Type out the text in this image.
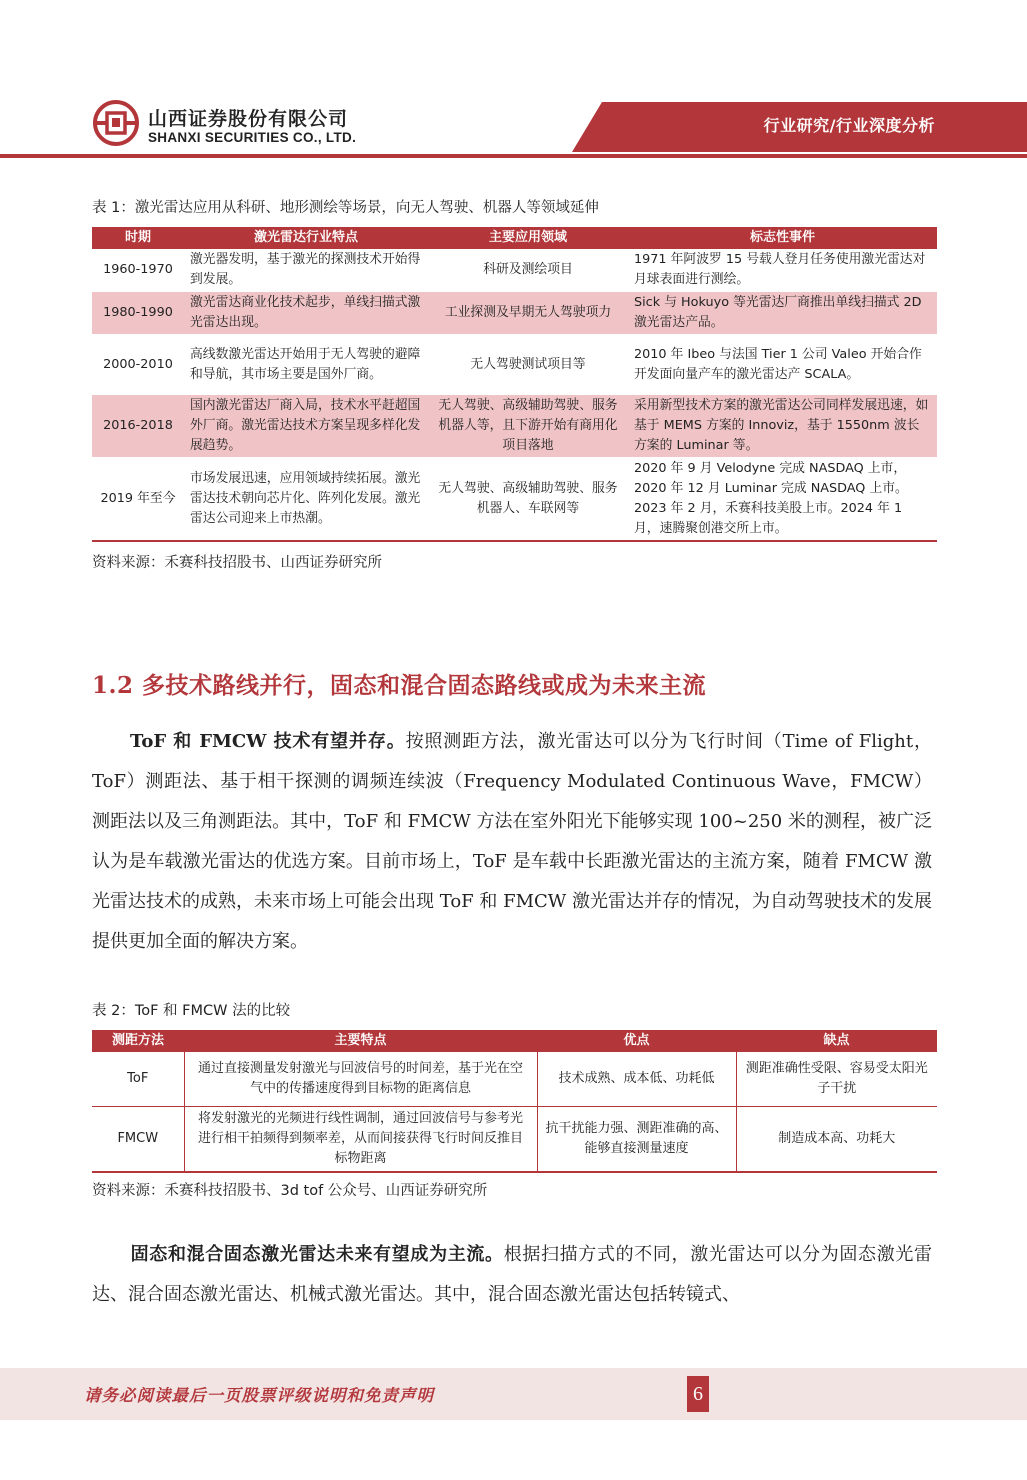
山西证券股份有限公司
SHANXI SECURITIES CO., LTD.
行业研究/行业深度分析
表 1：激光雷达应用从科研、地形测绘等场景，向无人驾驶、机器人等领域延伸
时期	激光雷达行业特点	主要应用领域	标志性事件
1960-1970	激光器发明，基于激光的探测技术开始得到发展。	科研及测绘项目	1971 年阿波罗 15 号载人登月任务使用激光雷达对月球表面进行测绘。
1980-1990	激光雷达商业化技术起步，单线扫描式激光雷达出现。	工业探测及早期无人驾驶项力	Sick 与 Hokuyo 等光雷达厂商推出单线扫描式 2D 激光雷达产品。
2000-2010	高线数激光雷达开始用于无人驾驶的避障和导航，其市场主要是国外厂商。	无人驾驶测试项目等	2010 年 Ibeo 与法国 Tier 1 公司 Valeo 开始合作开发面向量产车的激光雷达产 SCALA。
2016-2018	国内激光雷达厂商入局，技术水平赶超国外厂商。激光雷达技术方案呈现多样化发展趋势。	无人驾驶、高级辅助驾驶、服务机器人等，且下游开始有商用化项目落地	采用新型技术方案的激光雷达公司同样发展迅速，如基于 MEMS 方案的 Innoviz，基于 1550nm 波长方案的 Luminar 等。
2019 年至今	市场发展迅速，应用领域持续拓展。激光雷达技术朝向芯片化、阵列化发展。激光雷达公司迎来上市热潮。	无人驾驶、高级辅助驾驶、服务机器人、车联网等	2020 年 9 月 Velodyne 完成 NASDAQ 上市，2020 年 12 月 Luminar 完成 NASDAQ 上市。2023 年 2 月，禾赛科技美股上市。2024 年 1 月，速腾聚创港交所上市。
资料来源：禾赛科技招股书、山西证券研究所
1.2 多技术路线并行，固态和混合固态路线或成为未来主流
ToF 和 FMCW 技术有望并存。按照测距方法，激光雷达可以分为飞行时间（Time of Flight，ToF）测距法、基于相干探测的调频连续波（Frequency Modulated Continuous Wave，FMCW）测距法以及三角测距法。其中，ToF 和 FMCW 方法在室外阳光下能够实现 100~250 米的测程，被广泛认为是车载激光雷达的优选方案。目前市场上，ToF 是车载中长距激光雷达的主流方案，随着 FMCW 激光雷达技术的成熟，未来市场上可能会出现 ToF 和 FMCW 激光雷达并存的情况，为自动驾驶技术的发展提供更加全面的解决方案。
表 2：ToF 和 FMCW 法的比较
测距方法	主要特点	优点	缺点
ToF	通过直接测量发射激光与回波信号的时间差，基于光在空气中的传播速度得到目标物的距离信息	技术成熟、成本低、功耗低	测距准确性受限、容易受太阳光子干扰
FMCW	将发射激光的光频进行线性调制，通过回波信号与参考光进行相干拍频得到频率差，从而间接获得飞行时间反推目标物距离	抗干扰能力强、测距准确的高、能够直接测量速度	制造成本高、功耗大
资料来源：禾赛科技招股书、3d tof 公众号、山西证券研究所
固态和混合固态激光雷达未来有望成为主流。根据扫描方式的不同，激光雷达可以分为固态激光雷达、混合固态激光雷达、机械式激光雷达。其中，混合固态激光雷达包括转镜式、
请务必阅读最后一页股票评级说明和免责声明	6
